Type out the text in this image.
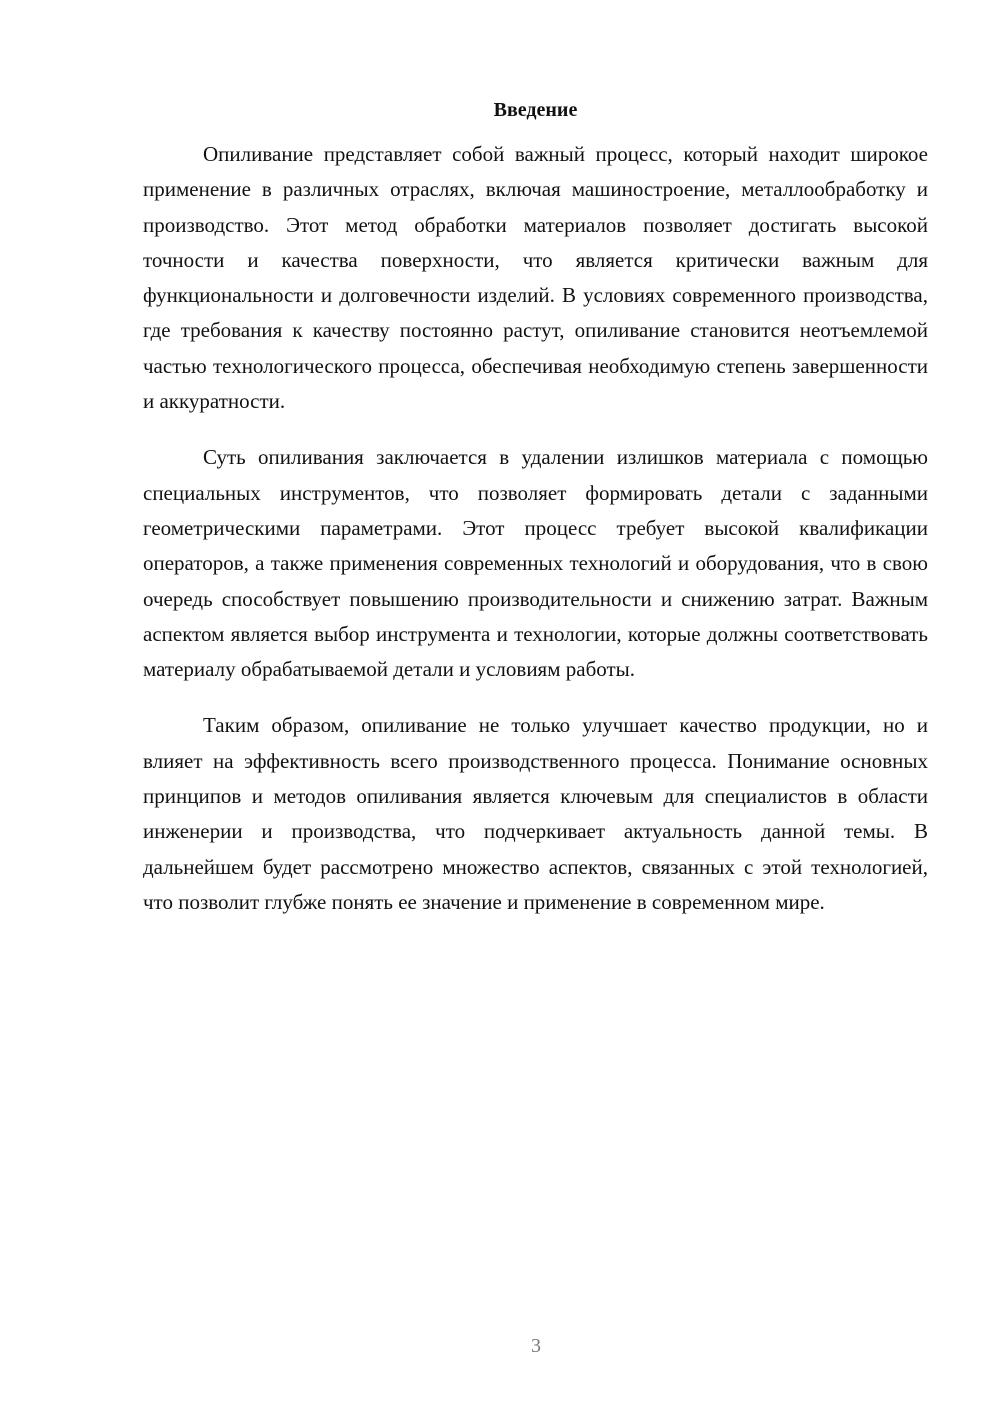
Введение

Опиливание представляет собой важный процесс, который находит широкое применение в различных отраслях, включая машиностроение, металлообработку и производство. Этот метод обработки материалов позволяет достигать высокой точности и качества поверхности, что является критически важным для функциональности и долговечности изделий. В условиях современного производства, где требования к качеству постоянно растут, опиливание становится неотъемлемой частью технологического процесса, обеспечивая необходимую степень завершенности и аккуратности.

Суть опиливания заключается в удалении излишков материала с помощью специальных инструментов, что позволяет формировать детали с заданными геометрическими параметрами. Этот процесс требует высокой квалификации операторов, а также применения современных технологий и оборудования, что в свою очередь способствует повышению производительности и снижению затрат. Важным аспектом является выбор инструмента и технологии, которые должны соответствовать материалу обрабатываемой детали и условиям работы.

Таким образом, опиливание не только улучшает качество продукции, но и влияет на эффективность всего производственного процесса. Понимание основных принципов и методов опиливания является ключевым для специалистов в области инженерии и производства, что подчеркивает актуальность данной темы. В дальнейшем будет рассмотрено множество аспектов, связанных с этой технологией, что позволит глубже понять ее значение и применение в современном мире.

3
